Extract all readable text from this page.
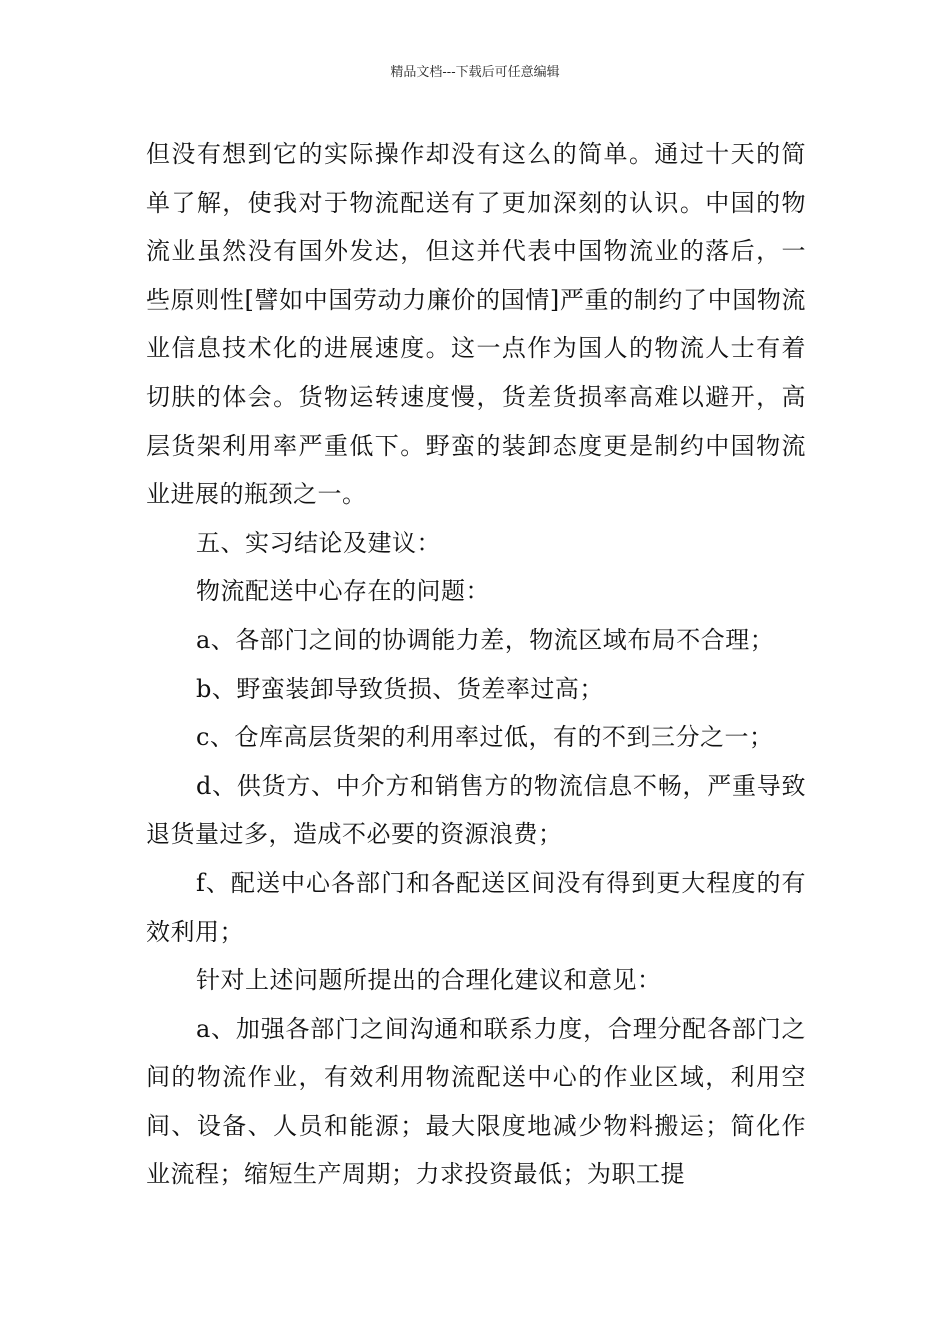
精品文档---下载后可任意编辑

但没有想到它的实际操作却没有这么的简单。通过十天的简单了解，使我对于物流配送有了更加深刻的认识。中国的物流业虽然没有国外发达，但这并代表中国物流业的落后，一些原则性[譬如中国劳动力廉价的国情]严重的制约了中国物流业信息技术化的进展速度。这一点作为国人的物流人士有着切肤的体会。货物运转速度慢，货差货损率高难以避开，高层货架利用率严重低下。野蛮的装卸态度更是制约中国物流业进展的瓶颈之一。

五、实习结论及建议：

物流配送中心存在的问题：

a、各部门之间的协调能力差，物流区域布局不合理；

b、野蛮装卸导致货损、货差率过高；

c、仓库高层货架的利用率过低，有的不到三分之一；

d、供货方、中介方和销售方的物流信息不畅，严重导致退货量过多，造成不必要的资源浪费；

f、配送中心各部门和各配送区间没有得到更大程度的有效利用；

针对上述问题所提出的合理化建议和意见：

a、加强各部门之间沟通和联系力度，合理分配各部门之间的物流作业，有效利用物流配送中心的作业区域，利用空间、设备、人员和能源；最大限度地减少物料搬运；简化作业流程；缩短生产周期；力求投资最低；为职工提
